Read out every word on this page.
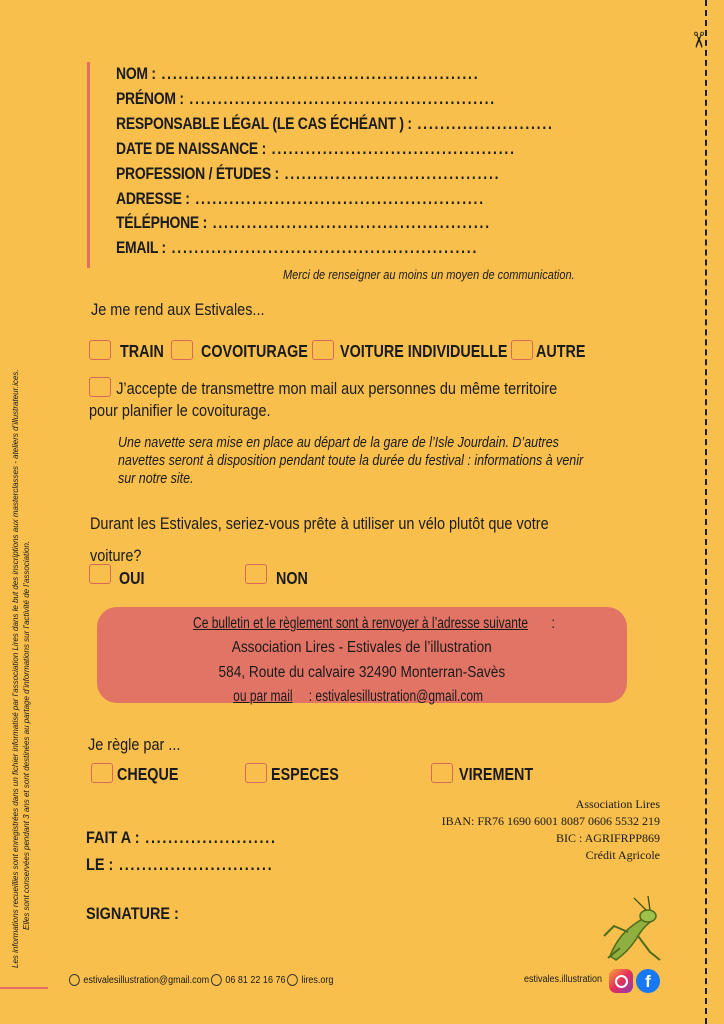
✂
NOM : ........................................................
PRÉNOM : ......................................................
RESPONSABLE LÉGAL (LE CAS ÉCHÉANT ) : ........................
DATE DE NAISSANCE : ...........................................
PROFESSION / ÉTUDES : ......................................
ADRESSE : ...................................................
TÉLÉPHONE : .................................................
EMAIL : ......................................................
Merci de renseigner au moins un moyen de communication.
Je me rend aux Estivales...
TRAIN COVOITURAGE VOITURE INDIVIDUELLE AUTRE
J’accepte de transmettre mon mail aux personnes du même territoire
pour planifier le covoiturage.
Une navette sera mise en place au départ de la gare de l’Isle Jourdain. D’autres
navettes seront à disposition pendant toute la durée du festival : informations à venir
sur notre site.
Durant les Estivales, seriez-vous prête à utiliser un vélo plutôt que votre
voiture?
OUI	NON
Ce bulletin et le règlement sont à renvoyer à l’adresse suivante:
Association Lires - Estivales de l’illustration
584, Route du calvaire 32490 Monterran-Savès
ou par mail: estivalesillustration@gmail.com
Je règle par ...
CHEQUE	ESPECES	VIREMENT
Association Lires
IBAN: FR76 1690 6001 8087 0606 5532 219
BIC : AGRIFRPP869
Crédit Agricole
FAIT A : .......................
LE : ...........................
SIGNATURE :
Les informations recueillies sont enregistrées dans un fichier informatisé par l’association Lires dans le but des inscriptions aux masterclasses - ateliers d’illustrateur.ices. Elles sont conservées pendant 3 ans et sont destinées au partage d’informations sur l’activité de l’association.
estivalesillustration@gmail.com 06 81 22 16 76 lires.org	estivales.illustration	f
